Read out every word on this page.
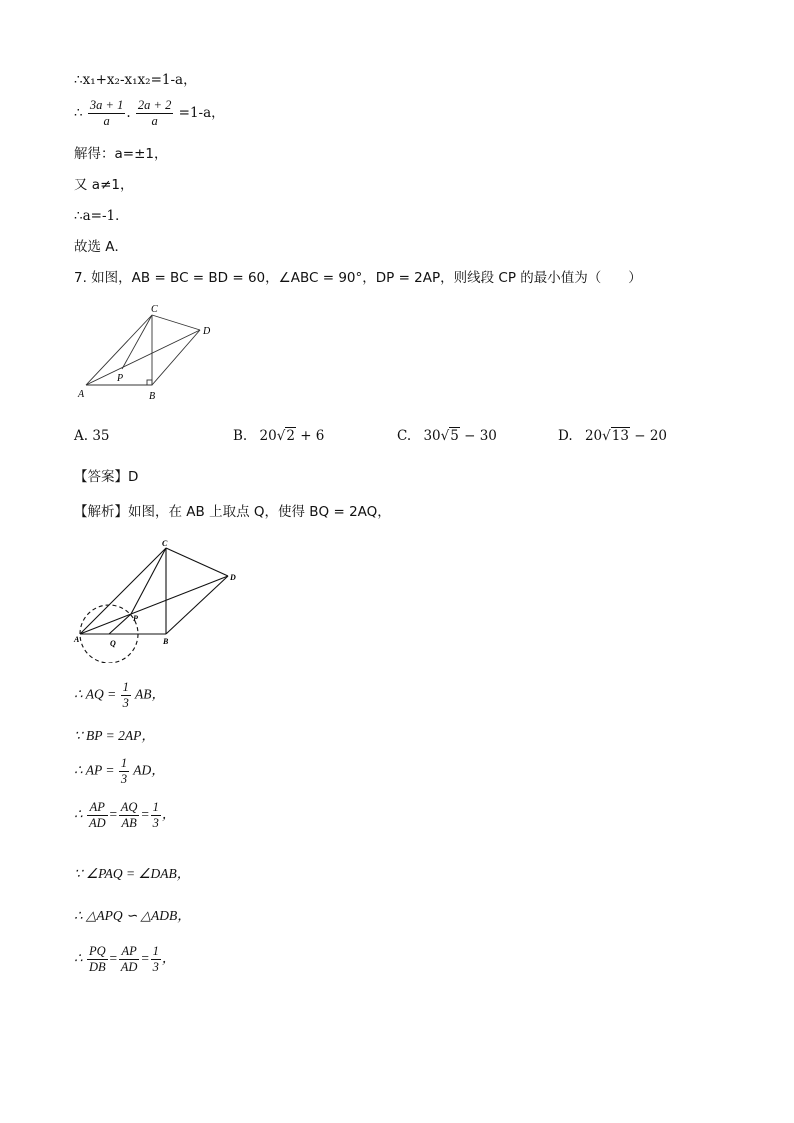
∴x₁+x₂-x₁x₂=1-a，
∴ $\frac{3a + 1}{a}$ . $\frac{2a + 2}{a} =1-a$，
解得：a=±1，
又 a≠1，
∴a=-1．
故选 A．
7. 如图，AB = BC = BD = 60，∠ABC = 90°，DP = 2AP，则线段 CP 的最小值为（　　）
C
D
A	B
P
A. 35	B. 20√2 + 6	C. 30√5 − 30	D. 20√13 − 20
【答案】D
【解析】如图，在 AB 上取点 Q，使得 BQ = 2AQ，
C
D
A	B
P
Q
∴ AQ = $\frac{1}{3}$ AB，
∵ BP = 2AP，
∴ AP = $\frac{1}{3}$ AD，
∴ $\frac{AP}{AD} = \frac{AQ}{AB} = \frac{1}{3}$ ，
∵ ∠PAQ = ∠DAB，
∴ △APQ ∽ △ADB，
∴ $\frac{PQ}{DB} = \frac{AP}{AD} = \frac{1}{3}$ ，
